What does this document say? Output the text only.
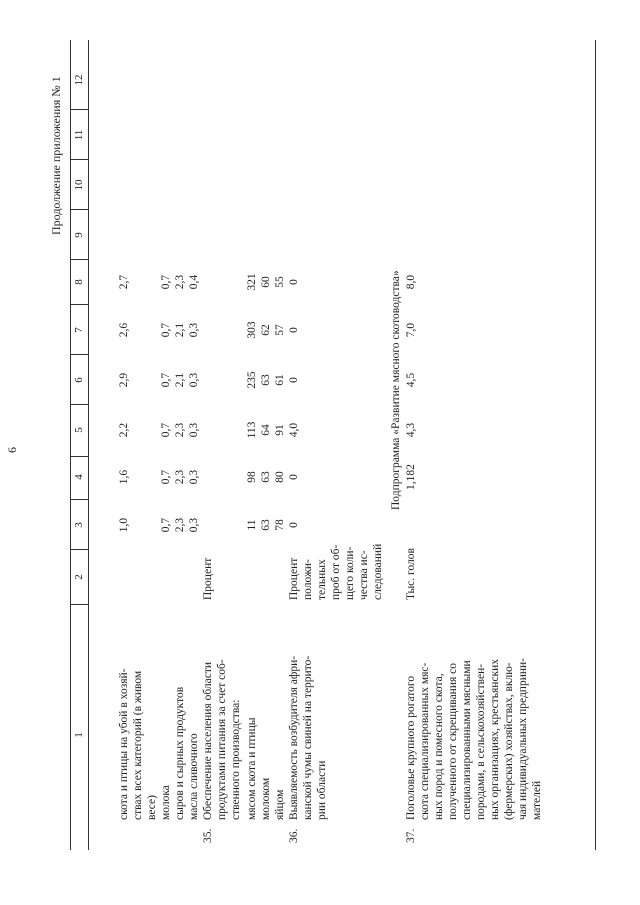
6
Продолжение приложения № 1
1
2
3
4
5
6
7
8
9
10
11
12
скота и птицы на убой в хозяй- ствах всех категорий (в живом весе)
1,0
1,6
2,2
2,9
2,6
2,7
молока
0,7
0,7
0,7
0,7
0,7
0,7
сыров и сырных продуктов
2,3
2,3
2,3
2,1
2,1
2,3
масла сливочного
0,3
0,3
0,3
0,3
0,3
0,4
35.
Обеспечение населения области продуктами питания за счет соб- ственного производства:
Процент
мясом скота и птицы
11
98
113
235
303
321
молоком
63
63
64
63
62
60
яйцом
78
80
91
61
57
55
36.
Выявляемость возбудителя афри- канской чумы свиней на террито- рии области
Процент положи- тельных проб от об- щего коли- чества ис- следований
0
0
4,0
0
0
0	Подпрограмма «Развитие мясного скотоводства»
37.
Поголовье крупного рогатого скота специализированных мяс- ных пород и помесного скота, полученного от скрещивания со специализированными мясными породами, в сельскохозяйствен- ных организациях, крестьянских (фермерских) хозяйствах, вклю- чая индивидуальных предприни- мателей
Тыс. голов
1,182
4,3
4,5
7,0
8,0
